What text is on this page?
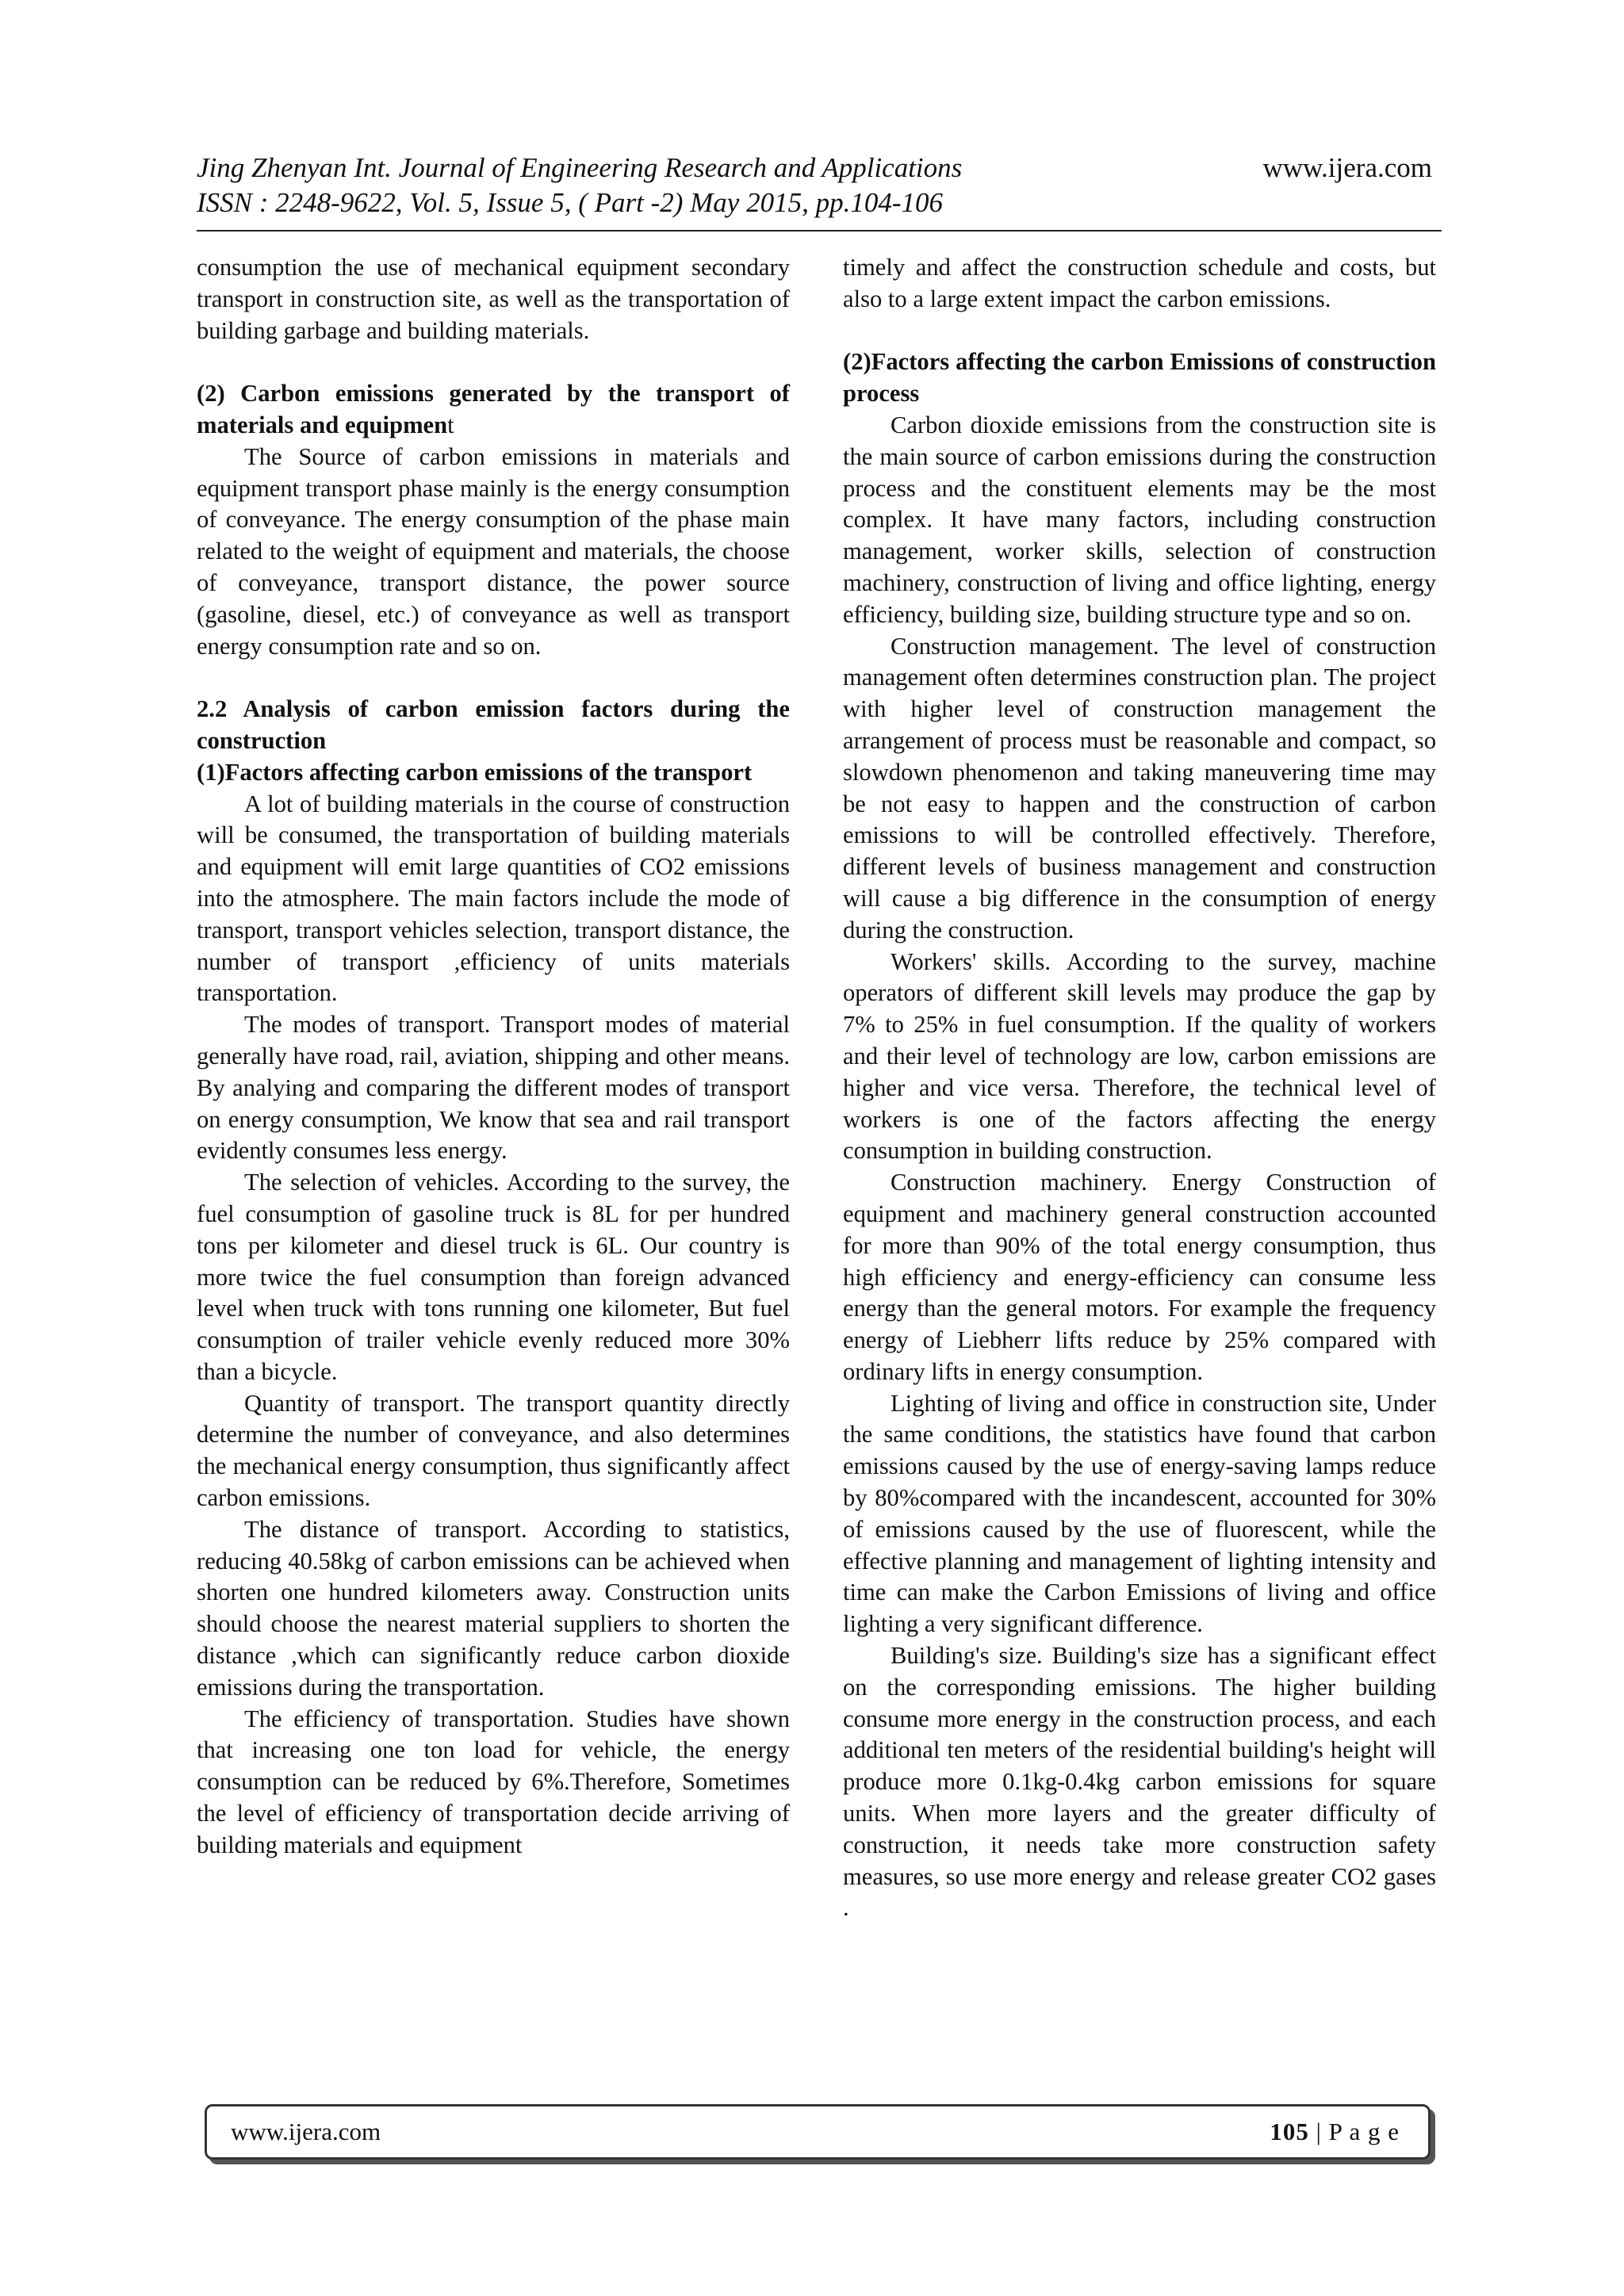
Jing Zhenyan Int. Journal of Engineering Research and Applications
ISSN : 2248-9622, Vol. 5, Issue 5, ( Part -2) May 2015, pp.104-106
www.ijera.com

consumption the use of mechanical equipment secondary transport in construction site, as well as the transportation of building garbage and building materials.

(2) Carbon emissions generated by the transport of materials and equipment

The Source of carbon emissions in materials and equipment transport phase mainly is the energy consumption of conveyance. The energy consumption of the phase main related to the weight of equipment and materials, the choose of conveyance, transport distance, the power source (gasoline, diesel, etc.) of conveyance as well as transport energy consumption rate and so on.

2.2 Analysis of carbon emission factors during the construction
(1)Factors affecting carbon emissions of the transport

A lot of building materials in the course of construction will be consumed, the transportation of building materials and equipment will emit large quantities of CO2 emissions into the atmosphere. The main factors include the mode of transport, transport vehicles selection, transport distance, the number of transport ,efficiency of units materials transportation.

The modes of transport. Transport modes of material generally have road, rail, aviation, shipping and other means. By analying and comparing the different modes of transport on energy consumption, We know that sea and rail transport evidently consumes less energy.

The selection of vehicles. According to the survey, the fuel consumption of gasoline truck is 8L for per hundred tons per kilometer and diesel truck is 6L. Our country is more twice the fuel consumption than foreign advanced level when truck with tons running one kilometer, But fuel consumption of trailer vehicle evenly reduced more 30% than a bicycle.

Quantity of transport. The transport quantity directly determine the number of conveyance, and also determines the mechanical energy consumption, thus significantly affect carbon emissions.

The distance of transport. According to statistics, reducing 40.58kg of carbon emissions can be achieved when shorten one hundred kilometers away. Construction units should choose the nearest material suppliers to shorten the distance ,which can significantly reduce carbon dioxide emissions during the transportation.

The efficiency of transportation. Studies have shown that increasing one ton load for vehicle, the energy consumption can be reduced by 6%.Therefore, Sometimes the level of efficiency of transportation decide arriving of building materials and equipment

timely and affect the construction schedule and costs, but also to a large extent impact the carbon emissions.

(2)Factors affecting the carbon Emissions of construction process

Carbon dioxide emissions from the construction site is the main source of carbon emissions during the construction process and the constituent elements may be the most complex. It have many factors, including construction management, worker skills, selection of construction machinery, construction of living and office lighting, energy efficiency, building size, building structure type and so on.

Construction management. The level of construction management often determines construction plan. The project with higher level of construction management the arrangement of process must be reasonable and compact, so slowdown phenomenon and taking maneuvering time may be not easy to happen and the construction of carbon emissions to will be controlled effectively. Therefore, different levels of business management and construction will cause a big difference in the consumption of energy during the construction.

Workers' skills. According to the survey, machine operators of different skill levels may produce the gap by 7% to 25% in fuel consumption. If the quality of workers and their level of technology are low, carbon emissions are higher and vice versa. Therefore, the technical level of workers is one of the factors affecting the energy consumption in building construction.

Construction machinery. Energy Construction of equipment and machinery general construction accounted for more than 90% of the total energy consumption, thus high efficiency and energy-efficiency can consume less energy than the general motors. For example the frequency energy of Liebherr lifts reduce by 25% compared with ordinary lifts in energy consumption.

Lighting of living and office in construction site, Under the same conditions, the statistics have found that carbon emissions caused by the use of energy-saving lamps reduce by 80%compared with the incandescent, accounted for 30% of emissions caused by the use of fluorescent, while the effective planning and management of lighting intensity and time can make the Carbon Emissions of living and office lighting a very significant difference.

Building's size. Building's size has a significant effect on the corresponding emissions. The higher building consume more energy in the construction process, and each additional ten meters of the residential building's height will produce more 0.1kg-0.4kg carbon emissions for square units. When more layers and the greater difficulty of construction, it needs take more construction safety measures, so use more energy and release greater CO2 gases .

www.ijera.com	105 | P a g e
